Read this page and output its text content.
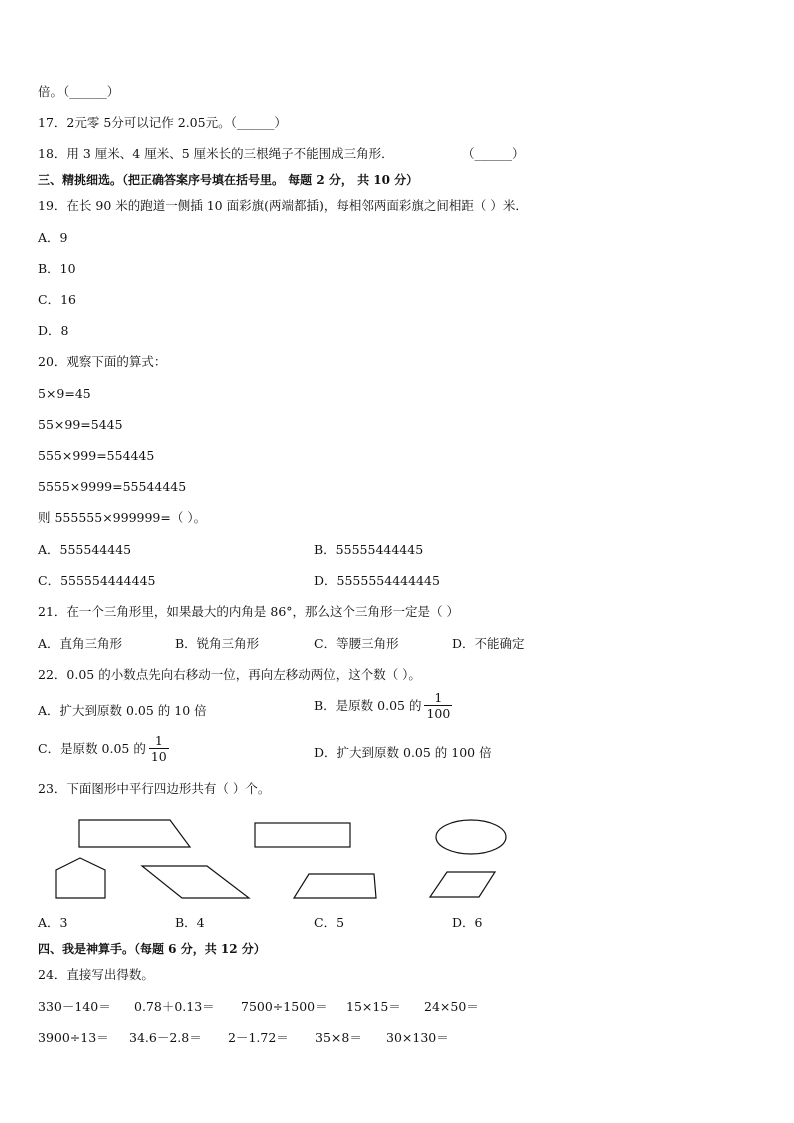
倍。（______）
17．2元零 5分可以记作 2.05元。（______）
18．用 3 厘米、4 厘米、5 厘米长的三根绳子不能围成三角形．	（______）
三、精挑细选。（把正确答案序号填在括号里。 每题 2 分， 共 10 分）
19．在长 90 米的跑道一侧插 10 面彩旗(两端都插)，每相邻两面彩旗之间相距（ ）米．
A．9
B．10
C．16
D．8
20．观察下面的算式：
5×9=45
55×99=5445
555×999=554445
5555×9999=55544445
则 555555×999999=（ ）。
A．555544445	B．55555444445
C．555554444445	D．5555554444445
21．在一个三角形里，如果最大的内角是 86°，那么这个三角形一定是（ ）
A．直角三角形	B．锐角三角形	C．等腰三角形	D．不能确定
22．0.05 的小数点先向右移动一位，再向左移动两位，这个数（ ）。
A．扩大到原数 0.05 的 10 倍	B．是原数 0.05 的 $\frac{1}{100}$
C．是原数 0.05 的 $\frac{1}{10}$	D．扩大到原数 0.05 的 100 倍
23．下面图形中平行四边形共有（ ）个。
A．3	B．4	C．5	D．6
四、我是神算手。（每题 6 分，共 12 分）
24．直接写出得数。
330－140＝ 0.78＋0.13＝ 7500÷1500＝ 15×15＝ 24×50＝
3900÷13＝ 34.6－2.8＝ 2－1.72＝ 35×8＝ 30×130＝
